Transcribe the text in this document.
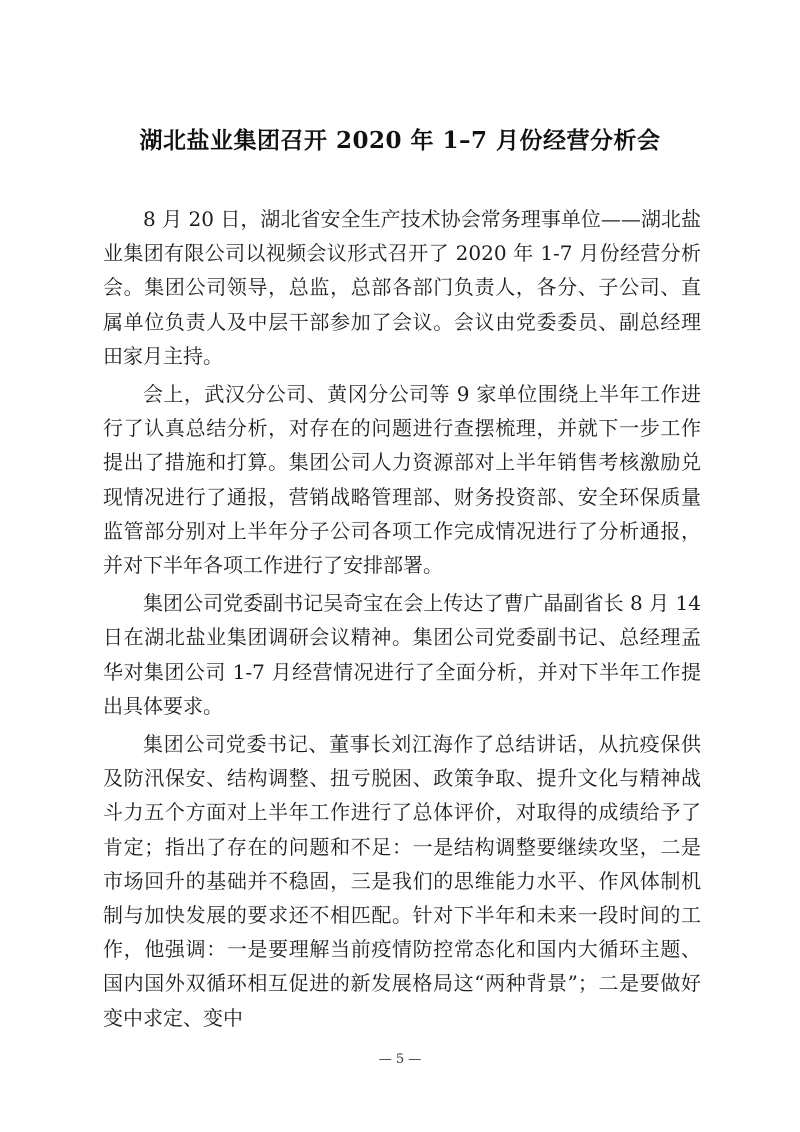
湖北盐业集团召开 2020 年 1–7 月份经营分析会

8 月 20 日，湖北省安全生产技术协会常务理事单位——湖北盐业集团有限公司以视频会议形式召开了 2020 年 1-7 月份经营分析会。集团公司领导，总监，总部各部门负责人，各分、子公司、直属单位负责人及中层干部参加了会议。会议由党委委员、副总经理田家月主持。

会上，武汉分公司、黄冈分公司等 9 家单位围绕上半年工作进行了认真总结分析，对存在的问题进行查摆梳理，并就下一步工作提出了措施和打算。集团公司人力资源部对上半年销售考核激励兑现情况进行了通报，营销战略管理部、财务投资部、安全环保质量监管部分别对上半年分子公司各项工作完成情况进行了分析通报，并对下半年各项工作进行了安排部署。

集团公司党委副书记吴奇宝在会上传达了曹广晶副省长 8 月 14 日在湖北盐业集团调研会议精神。集团公司党委副书记、总经理孟华对集团公司 1-7 月经营情况进行了全面分析，并对下半年工作提出具体要求。

集团公司党委书记、董事长刘江海作了总结讲话，从抗疫保供及防汛保安、结构调整、扭亏脱困、政策争取、提升文化与精神战斗力五个方面对上半年工作进行了总体评价，对取得的成绩给予了肯定；指出了存在的问题和不足：一是结构调整要继续攻坚，二是市场回升的基础并不稳固，三是我们的思维能力水平、作风体制机制与加快发展的要求还不相匹配。针对下半年和未来一段时间的工作，他强调：一是要理解当前疫情防控常态化和国内大循环主题、国内国外双循环相互促进的新发展格局这“两种背景”；二是要做好变中求定、变中

— 5 —
